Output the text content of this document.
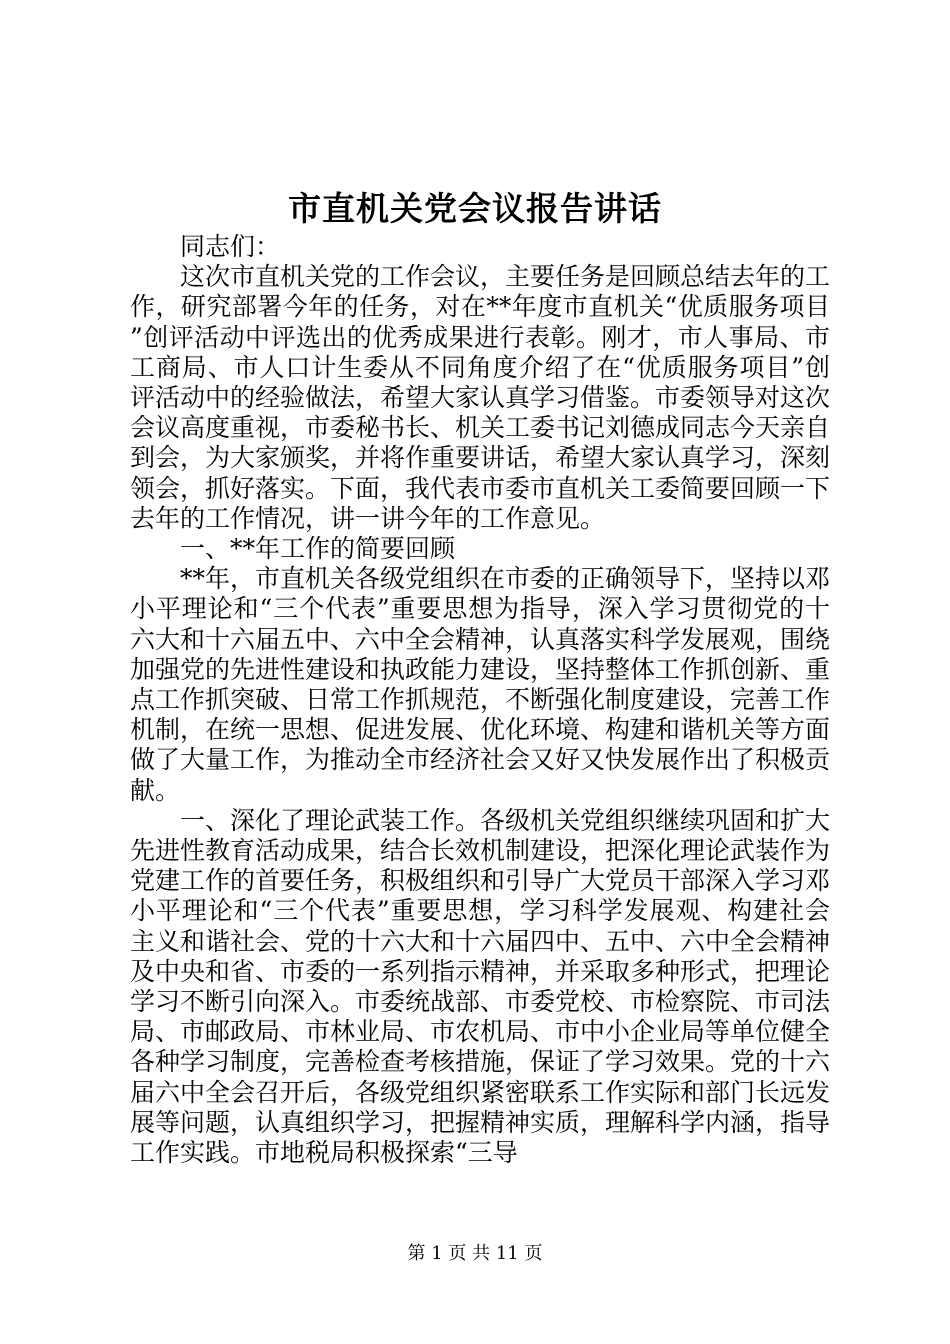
市直机关党会议报告讲话

同志们：

这次市直机关党的工作会议，主要任务是回顾总结去年的工作，研究部署今年的任务，对在**年度市直机关“优质服务项目”创评活动中评选出的优秀成果进行表彰。刚才，市人事局、市工商局、市人口计生委从不同角度介绍了在“优质服务项目”创评活动中的经验做法，希望大家认真学习借鉴。市委领导对这次会议高度重视，市委秘书长、机关工委书记刘德成同志今天亲自到会，为大家颁奖，并将作重要讲话，希望大家认真学习，深刻领会，抓好落实。下面，我代表市委市直机关工委简要回顾一下去年的工作情况，讲一讲今年的工作意见。

一、**年工作的简要回顾

**年，市直机关各级党组织在市委的正确领导下，坚持以邓小平理论和“三个代表”重要思想为指导，深入学习贯彻党的十六大和十六届五中、六中全会精神，认真落实科学发展观，围绕加强党的先进性建设和执政能力建设，坚持整体工作抓创新、重点工作抓突破、日常工作抓规范，不断强化制度建设，完善工作机制，在统一思想、促进发展、优化环境、构建和谐机关等方面做了大量工作，为推动全市经济社会又好又快发展作出了积极贡献。

一、深化了理论武装工作。各级机关党组织继续巩固和扩大先进性教育活动成果，结合长效机制建设，把深化理论武装作为党建工作的首要任务，积极组织和引导广大党员干部深入学习邓小平理论和“三个代表”重要思想，学习科学发展观、构建社会主义和谐社会、党的十六大和十六届四中、五中、六中全会精神及中央和省、市委的一系列指示精神，并采取多种形式，把理论学习不断引向深入。市委统战部、市委党校、市检察院、市司法局、市邮政局、市林业局、市农机局、市中小企业局等单位健全各种学习制度，完善检查考核措施，保证了学习效果。党的十六届六中全会召开后，各级党组织紧密联系工作实际和部门长远发展等问题，认真组织学习，把握精神实质，理解科学内涵，指导工作实践。市地税局积极探索“三导

第 1 页 共 11 页
